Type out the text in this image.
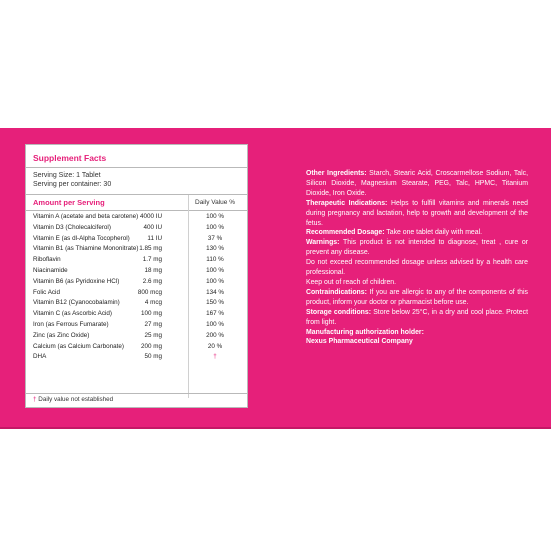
Supplement Facts
Serving Size: 1 Tablet
Serving per container: 30
Amount per Serving	Daily Value %
Vitamin A (acetate and beta carotene) 4000 IU	100 %
Vitamin D3 (Cholecalciferol)	400 IU	100 %
Vitamin E (as dl-Alpha Tocopherol)	11 IU	37 %
Vitamin B1 (as Thiamine Mononitrate) 1.85 mg	130 %
Riboflavin	1.7 mg	110 %
Niacinamide	18 mg	100 %
Vitamin B6 (as Pyridoxine HCl)	2.6 mg	100 %
Folic Acid	800 mcg	134 %
Vitamin B12 (Cyanocobalamin)	4 mcg	150 %
Vitamin C (as Ascorbic Acid)	100 mg	167 %
Iron (as Ferrous Fumarate)	27 mg	100 %
Zinc (as Zinc Oxide)	25 mg	200 %
Calcium (as Calcium Carbonate)	200 mg	20 %
DHA	50 mg	†
† Daily value not established

Other Ingredients: Starch, Stearic Acid, Croscarmellose Sodium, Talc, Silicon Dioxide, Magnesium Stearate, PEG, Talc, HPMC, Titanium Dioxide, Iron Oxide.

Therapeutic Indications: Helps to fulfill vitamins and minerals need during pregnancy and lactation, help to growth and development of the fetus.

Recommended Dosage: Take one tablet daily with meal.

Warnings: This product is not intended to diagnose, treat , cure or prevent any disease.

Do not exceed recommended dosage unless advised by a health care professional.

Keep out of reach of children.

Contraindications: If you are allergic to any of the components of this product, inform your doctor or pharmacist before use.

Storage conditions: Store below 25°C, in a dry and cool place. Protect from light.

Manufacturing authorization holder:

Nexus Pharmaceutical Company
